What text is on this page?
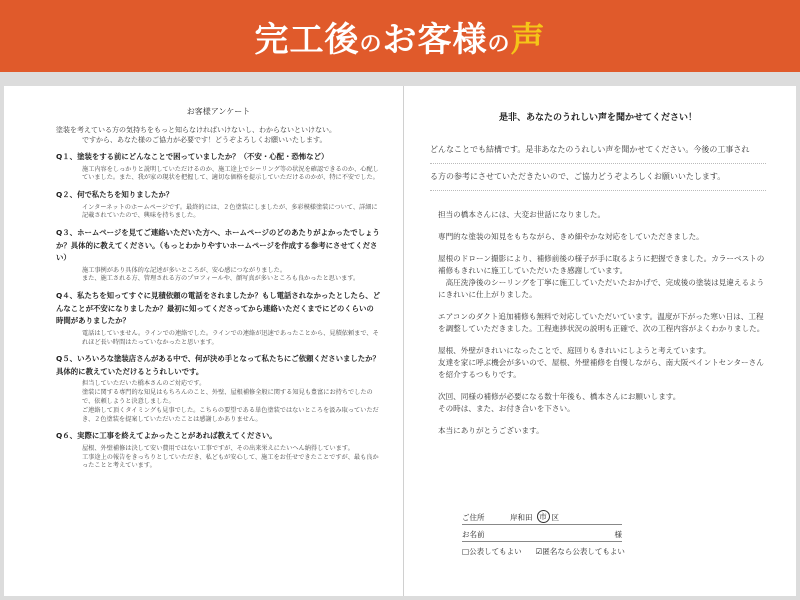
完工後のお客様の声
お客様アンケート

塗装を考えている方の気持ちをもっと知らなければいけないし、わからないといけない。

ですから、あなた様のご協力が必要です！どうぞよろしくお願いいたします。

Q１、塗装をする前にどんなことで困っていましたか？（不安・心配・恐怖など）
施工内容をしっかりと説明していただけるのか、施工途上でシーリング等の状況を確認できるのか、心配していました。また、我が家の現状を把握して、適切な価格を提示していただけるのかが、特に不安でした。
Q２、何で私たちを知りましたか？
インターネットのホームページです。最終的には、２色塗装にしましたが、多彩模様塗装について、詳細に記載されていたので、興味を持ちました。
Q３、ホームページを見てご連絡いただいた方へ、ホームページのどのあたりがよかったでしょうか？具体的に教えてください。（もっとわかりやすいホームページを作成する参考にさせてください）
施工事例があり具体的な記述が多いところが、安心感につながりました。
また、施工される方、管理される方のプロフィールや、顔写真が多いところも良かったと思います。
Q４、私たちを知ってすぐに見積依頼の電話をされましたか？もし電話されなかったとしたら、どんなことが不安になりましたか？最初に知ってくださってから連絡いただくまでにどのくらいの時間がありましたか？
電話はしていません。ラインでの連絡でした。ラインでの連絡が迅速であったことから、見積依頼まで、それほど長い時間はたっていなかったと思います。
Q５、いろいろな塗装店さんがある中で、何が決め手となって私たちにご依頼くださいましたか？具体的に教えていただけるとうれしいです。
担当していただいた橋本さんのご対応です。
塗装に関する専門的な知見はもちろんのこと、外壁、屋根補修全般に関する知見も豊富にお持ちでしたので、依頼しようと決意しました。
ご連絡して頂くタイミングも見事でした。こちらの要望である単色塗装ではないところを汲み取っていただき、２色塗装を提案していただいたことは感謝しかありません。
Q６、実際に工事を終えてよかったことがあれば教えてください。
屋根、外壁補修は決して安い費用ではない工事ですが、その出来栄えにたいへん納得しています。
工事途上の報告をきっちりとしていただき、私どもが安心して、施工をお任せできたことですが、最も良かったことと考えています。
是非、あなたのうれしい声を聞かせてください！
どんなことでも結構です。是非あなたのうれしい声を聞かせてください。今後の工事され
る方の参考にさせていただきたいので、ご協力どうぞよろしくお願いいたします。

担当の橋本さんには、大変お世話になりました。

専門的な塗装の知見をもちながら、きめ細やかな対応をしていただきました。

屋根のドローン撮影により、補修前後の様子が手に取るように把握できました。カラーベストの補修もきれいに施工していただいたき感謝しています。
　高圧洗浄後のシーリングを丁寧に施工していただいたおかげで、完成後の塗装は見違えるようにきれいに仕上がりました。

エアコンのダクト追加補修も無料で対応していただいています。温度が下がった寒い日は、工程を調整していただきました。工程進捗状況の説明も正確で、次の工程内容がよくわかりました。

屋根、外壁がきれいになったことで、庭回りもきれいにしようと考えています。
友達を家に呼ぶ機会が多いので、屋根、外壁補修を自慢しながら、南大阪ペイントセンターさんを紹介するつもりです。

次回、同様の補修が必要になる数十年後も、橋本さんにお願いします。
その時は、また、お付き合いを下さい。

本当にありがとうございます。

ご住所	岸和田 市 区
お名前	様
□公表してもよい ☑匿名なら公表してもよい
